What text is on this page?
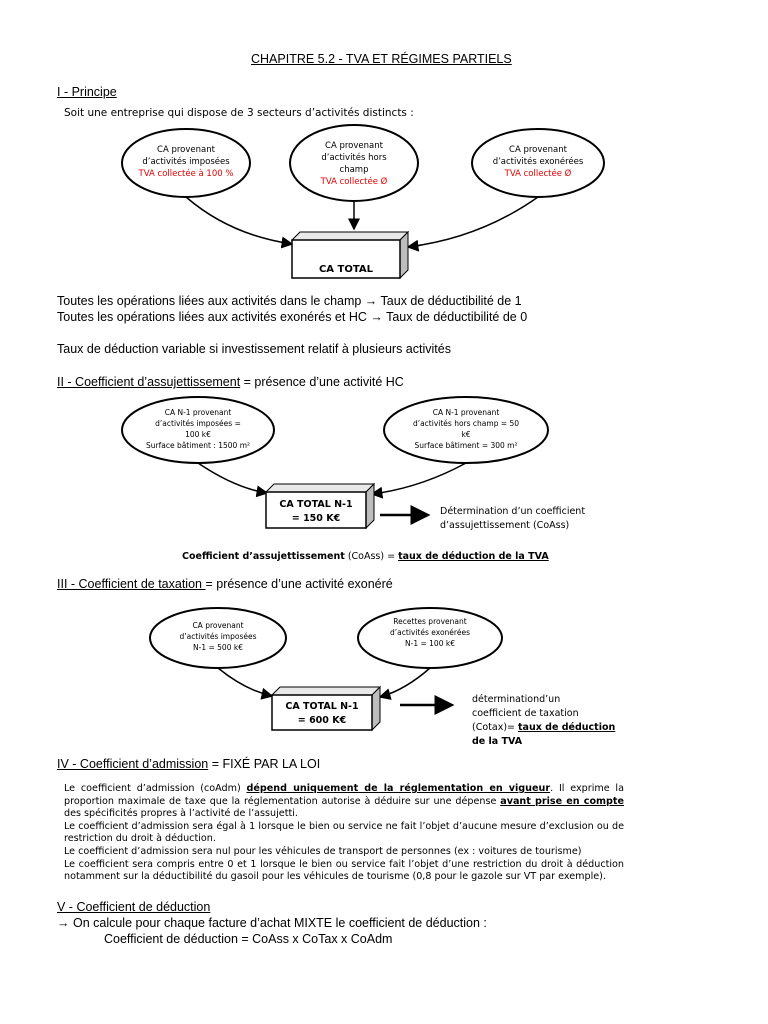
CHAPITRE 5.2 - TVA ET RÉGIMES PARTIELS
I - Principe
Soit une entreprise qui dispose de 3 secteurs d’activités distincts :
CA provenant
d’activités imposées
TVA collectée à 100 %
CA provenant
d’activités hors
champ
TVA collectée Ø
CA provenant
d’activités exonérées
TVA collectée Ø
CA TOTAL
Toutes les opérations liées aux activités dans le champ → Taux de déductibilité de 1
Toutes les opérations liées aux activités exonérés et HC → Taux de déductibilité de 0
Taux de déduction variable si investissement relatif à plusieurs activités
II - Coefficient d’assujettissement = présence d’une activité HC
CA N-1 provenant
d’activités imposées =
100 k€
Surface bâtiment : 1500 m²
CA N-1 provenant
d’activités hors champ = 50
k€
Surface bâtiment = 300 m²
CA TOTAL N-1
= 150 K€
Détermination d’un coefficient
d’assujettissement (CoAss)
Coefficient d’assujettissement (CoAss) = taux de déduction de la TVA
III - Coefficient de taxation = présence d’une activité exonéré
CA provenant
d’activités imposées
N-1 = 500 k€
Recettes provenant
d’activités exonérées
N-1 = 100 k€
CA TOTAL N-1
= 600 K€
déterminationd’un
coefficient de taxation
(Cotax)= taux de déduction
de la TVA
IV - Coefficient d’admission = FIXÉ PAR LA LOI

Le coefficient d’admission (coAdm) dépend uniquement de la réglementation en vigueur. Il exprime la proportion maximale de taxe que la réglementation autorise à déduire sur une dépense avant prise en compte des spécificités propres à l’activité de l’assujetti.

Le coefficient d’admission sera égal à 1 lorsque le bien ou service ne fait l’objet d’aucune mesure d’exclusion ou de restriction du droit à déduction.

Le coefficient d’admission sera nul pour les véhicules de transport de personnes (ex : voitures de tourisme)

Le coefficient sera compris entre 0 et 1 lorsque le bien ou service fait l’objet d’une restriction du droit à déduction notamment sur la déductibilité du gasoil pour les véhicules de tourisme (0,8 pour le gazole sur VT par exemple).

V - Coefficient de déduction
→ On calcule pour chaque facture d’achat MIXTE le coefficient de déduction :
Coefficient de déduction = CoAss x CoTax x CoAdm
